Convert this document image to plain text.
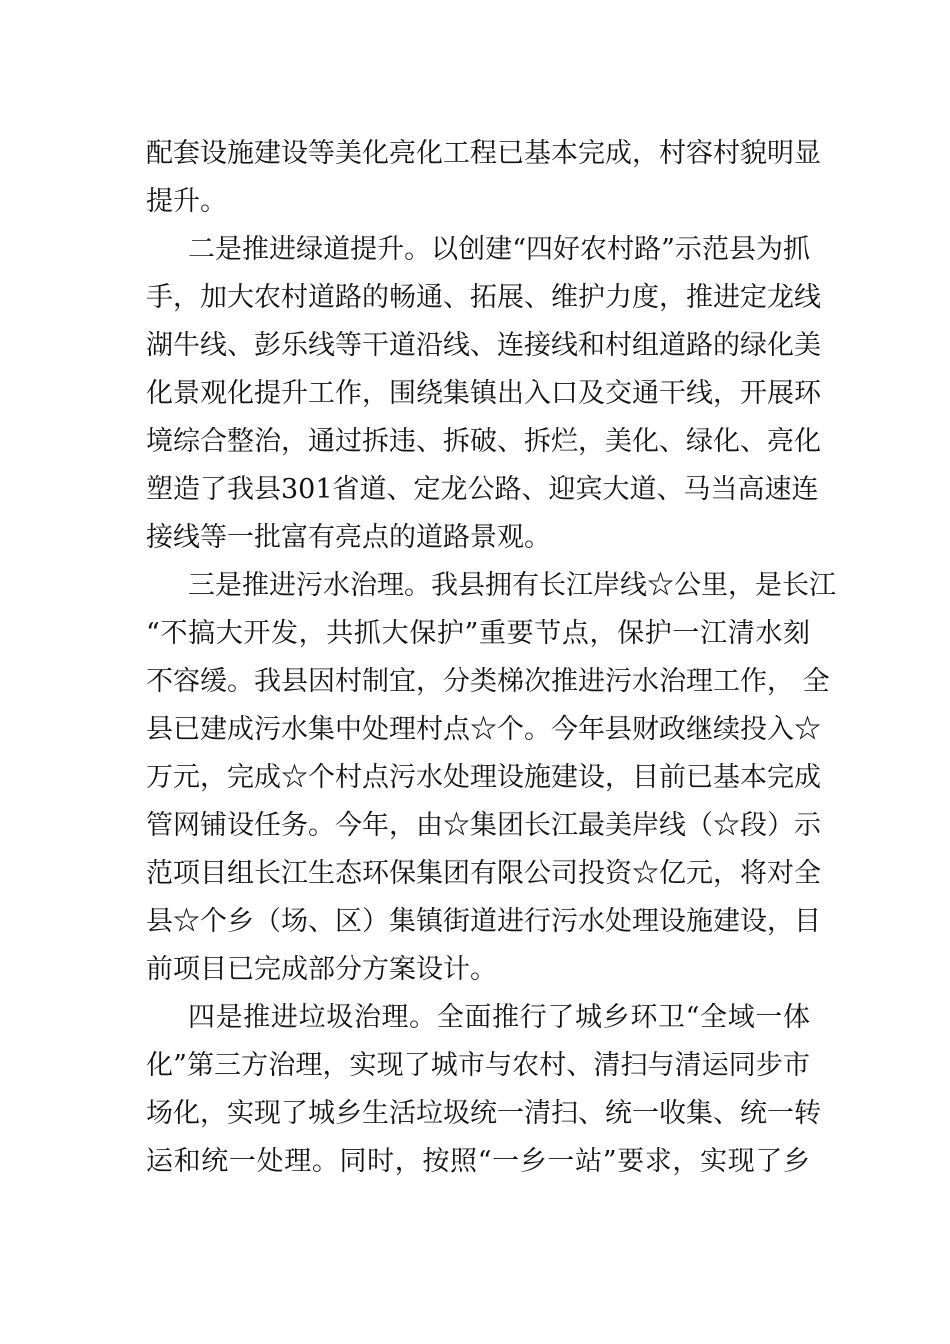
配套设施建设等美化亮化工程已基本完成，村容村貌明显
提升。

二是推进绿道提升。以创建“四好农村路”示范县为抓
手，加大农村道路的畅通、拓展、维护力度，推进定龙线
湖牛线、彭乐线等干道沿线、连接线和村组道路的绿化美
化景观化提升工作，围绕集镇出入口及交通干线，开展环
境综合整治，通过拆违、拆破、拆烂，美化、绿化、亮化
塑造了我县301省道、定龙公路、迎宾大道、马当高速连
接线等一批富有亮点的道路景观。

三是推进污水治理。我县拥有长江岸线☆公里，是长江
“不搞大开发，共抓大保护”重要节点，保护一江清水刻
不容缓。我县因村制宜，分类梯次推进污水治理工作， 全
县已建成污水集中处理村点☆个。今年县财政继续投入☆
万元，完成☆个村点污水处理设施建设，目前已基本完成
管网铺设任务。今年，由☆集团长江最美岸线（☆段）示
范项目组长江生态环保集团有限公司投资☆亿元，将对全
县☆个乡（场、区）集镇街道进行污水处理设施建设，目
前项目已完成部分方案设计。

四是推进垃圾治理。全面推行了城乡环卫“全域一体
化”第三方治理，实现了城市与农村、清扫与清运同步市
场化，实现了城乡生活垃圾统一清扫、统一收集、统一转
运和统一处理。同时，按照“一乡一站”要求，实现了乡
